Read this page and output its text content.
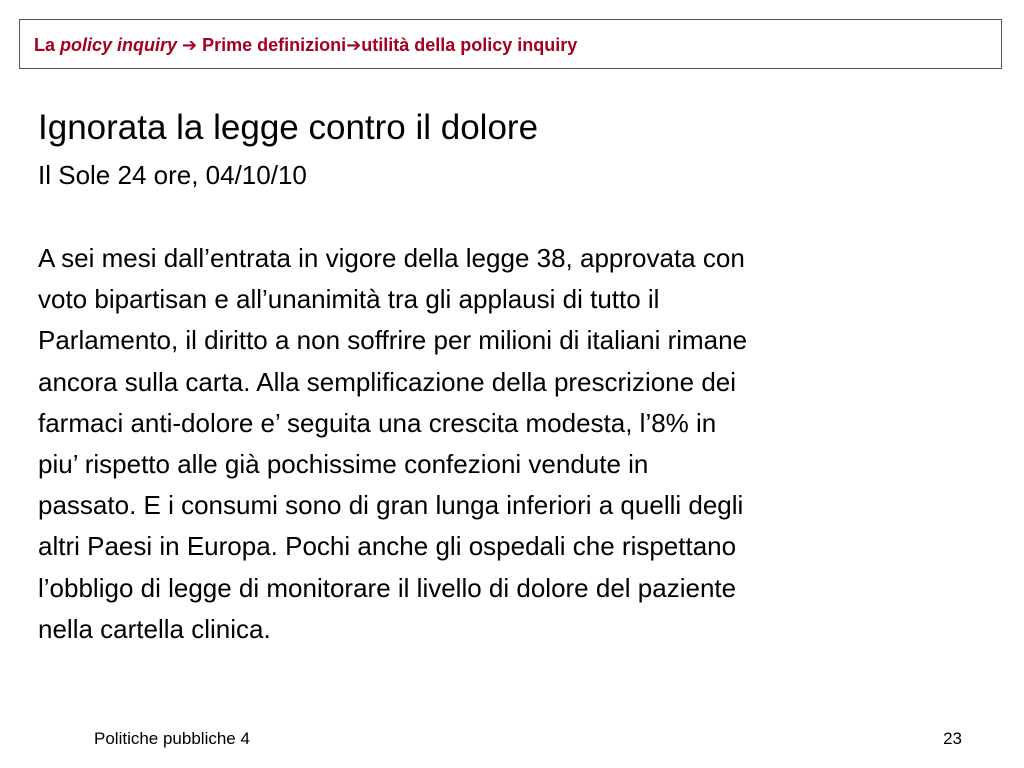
La policy inquiry ➔ Prime definizioni➔utilità della policy inquiry
Ignorata la legge contro il dolore
Il Sole 24 ore, 04/10/10
A sei mesi dall’entrata in vigore della legge 38, approvata con
voto bipartisan e all’unanimità tra gli applausi di tutto il
Parlamento, il diritto a non soffrire per milioni di italiani rimane
ancora sulla carta. Alla semplificazione della prescrizione dei
farmaci anti-dolore e’ seguita una crescita modesta, l’8% in
piu’ rispetto alle già pochissime confezioni vendute in
passato. E i consumi sono di gran lunga inferiori a quelli degli
altri Paesi in Europa. Pochi anche gli ospedali che rispettano
l’obbligo di legge di monitorare il livello di dolore del paziente
nella cartella clinica.
Politiche pubbliche 4	23
